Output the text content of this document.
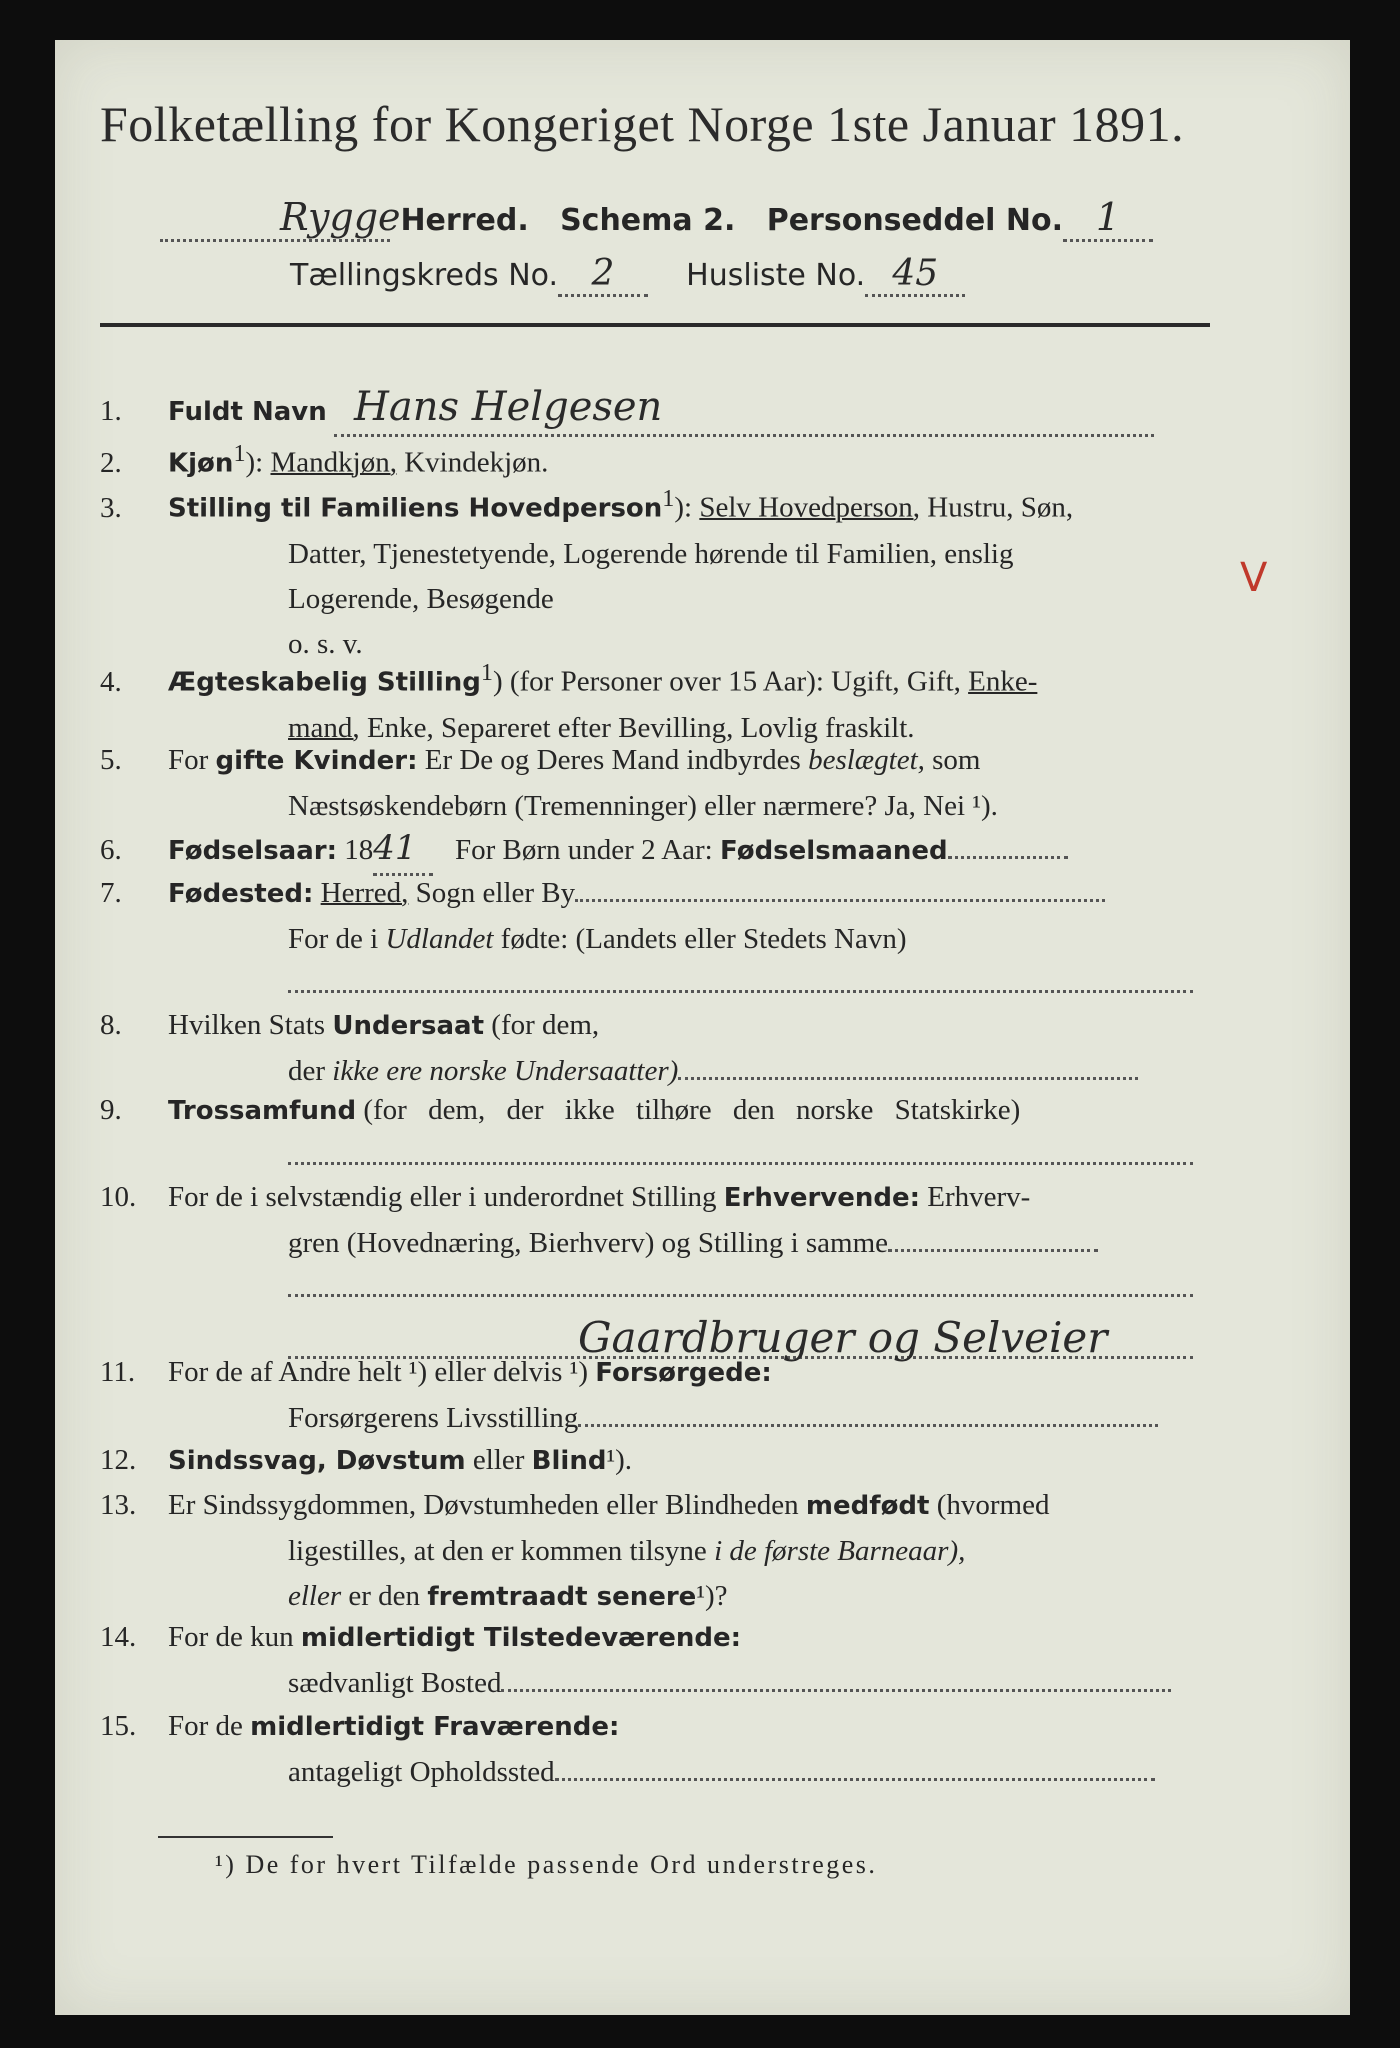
Folketælling for Kongeriget Norge 1ste Januar 1891.
Rygge Herred. Schema 2. Personseddel No. 1
Tællingskreds No. 2 Husliste No. 45
1. Fuldt Navn Hans Helgesen
2. Kjøn$^1$): Mandkjøn, Kvindekjøn.
3. Stilling til Familiens Hovedperson$^1$): Selv Hovedperson, Hustru, Søn,
Datter, Tjenestetyende, Logerende hørende til Familien, enslig
Logerende, Besøgende
o. s. v.
4. Ægteskabelig Stilling$^1$) (for Personer over 15 Aar): Ugift, Gift, Enke-
mand, Enke, Separeret efter Bevilling, Lovlig fraskilt.
5. For gifte Kvinder: Er De og Deres Mand indbyrdes beslægtet, som
Næstsøskendebørn (Tremenninger) eller nærmere? Ja, Nei ¹).
6. Fødselsaar: 1841 For Børn under 2 Aar: Fødselsmaaned
7. Fødested: Herred, Sogn eller By
For de i Udlandet fødte: (Landets eller Stedets Navn)
8. Hvilken Stats Undersaat (for dem,
der ikke ere norske Undersaatter)
9. Trossamfund (for dem, der ikke tilhøre den norske Statskirke)
10. For de i selvstændig eller i underordnet Stilling Erhvervende: Erhverv-
gren (Hovednæring, Bierhverv) og Stilling i samme
Gaardbruger og Selveier

11. For de af Andre helt ¹) eller delvis ¹) Forsørgede:
Forsørgerens Livsstilling
12. Sindssvag, Døvstum eller Blind¹).
13. Er Sindssygdommen, Døvstumheden eller Blindheden medfødt (hvormed
ligestilles, at den er kommen tilsyne i de første Barneaar),
eller er den fremtraadt senere¹)?
14. For de kun midlertidigt Tilstedeværende:
sædvanligt Bosted
15. For de midlertidigt Fraværende:
antageligt Opholdssted
¹) De for hvert Tilfælde passende Ord understreges.
V
